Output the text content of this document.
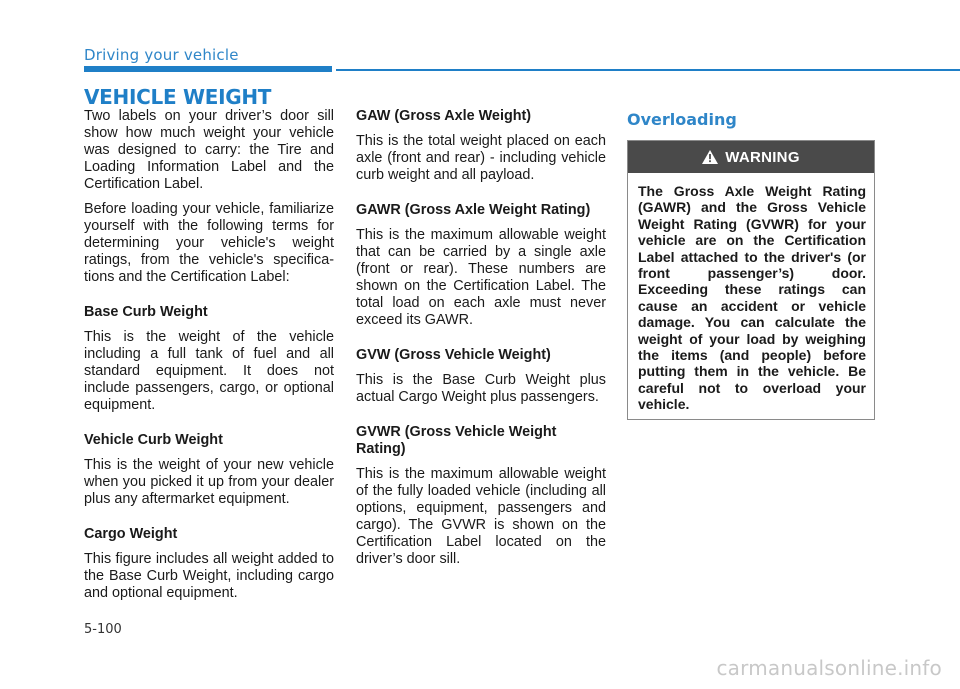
Driving your vehicle
VEHICLE WEIGHT

Two labels on your driver’s door sill show how much weight your vehicle was designed to carry: the Tire and Loading Information Label and the Certification Label.

Before loading your vehicle, familiarize yourself with the following terms for determining your vehicle's weight ratings, from the vehicle's specifications and the Certification Label:

Base Curb Weight

This is the weight of the vehicle including a full tank of fuel and all standard equipment. It does not include passengers, cargo, or optional equipment.

Vehicle Curb Weight

This is the weight of your new vehicle when you picked it up from your dealer plus any aftermarket equipment.

Cargo Weight

This figure includes all weight added to the Base Curb Weight, including cargo and optional equipment.

GAW (Gross Axle Weight)

This is the total weight placed on each axle (front and rear) - including vehicle curb weight and all payload.

GAWR (Gross Axle Weight Rating)

This is the maximum allowable weight that can be carried by a single axle (front or rear). These numbers are shown on the Certification Label. The total load on each axle must never exceed its GAWR.

GVW (Gross Vehicle Weight)

This is the Base Curb Weight plus actual Cargo Weight plus passengers.

GVWR (Gross Vehicle Weight Rating)

This is the maximum allowable weight of the fully loaded vehicle (including all options, equipment, passengers and cargo). The GVWR is shown on the Certification Label located on the driver’s door sill.

Overloading
WARNING
The Gross Axle Weight Rating (GAWR) and the Gross Vehicle Weight Rating (GVWR) for your vehicle are on the Certification Label attached to the driver's (or front passenger’s) door. Exceeding these ratings can cause an accident or vehicle damage. You can calculate the weight of your load by weighing the items (and people) before putting them in the vehicle. Be careful not to overload your vehicle.
5-100
carmanualsonline.info
